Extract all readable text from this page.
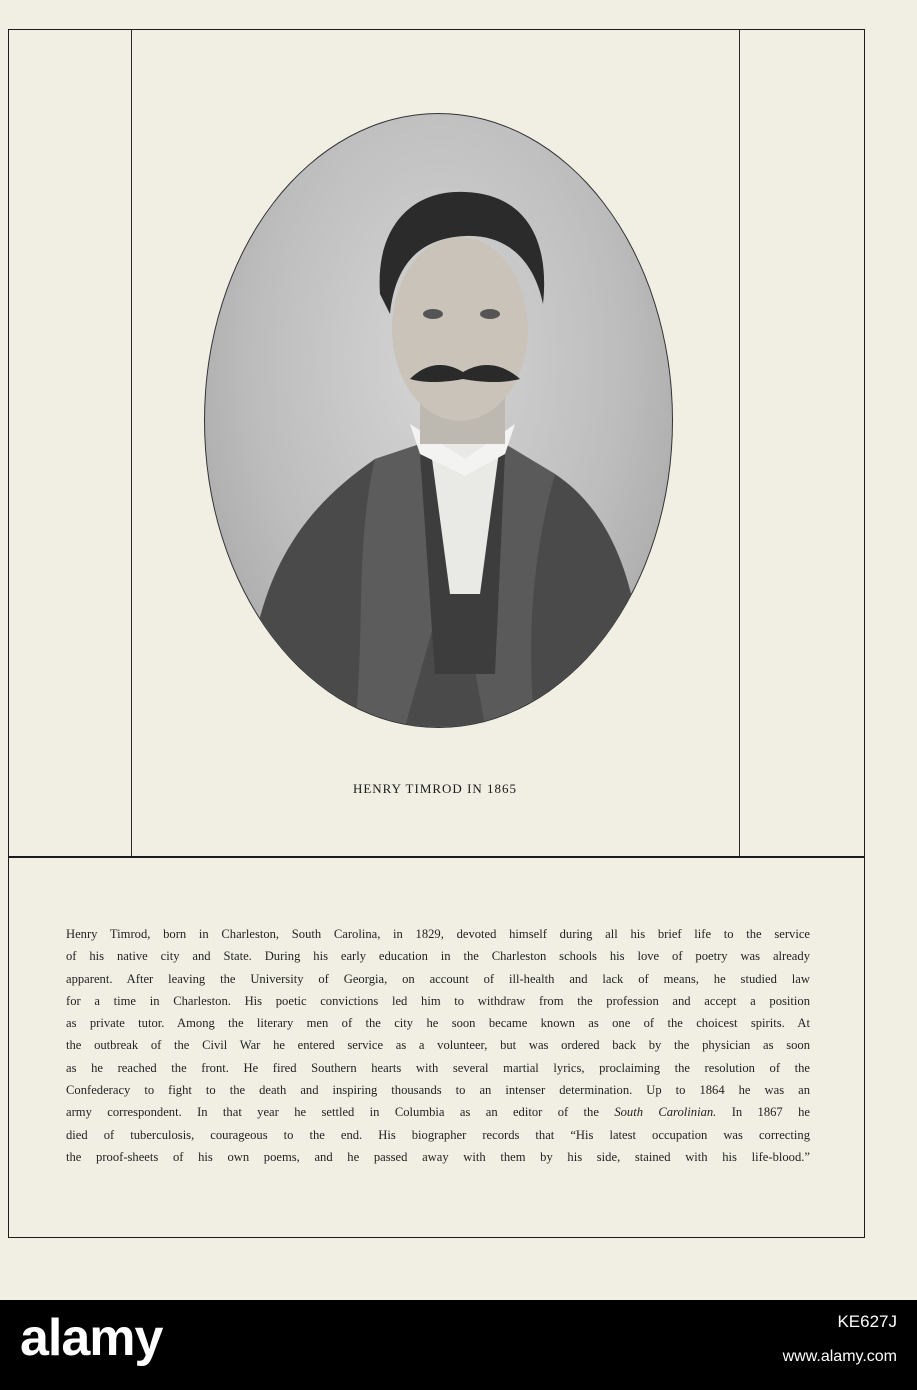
HENRY TIMROD IN 1865
Henry Timrod, born in Charleston, South Carolina, in 1829, devoted himself during all his brief life to the service
of his native city and State. During his early education in the Charleston schools his love of poetry was already
apparent. After leaving the University of Georgia, on account of ill-health and lack of means, he studied law
for a time in Charleston. His poetic convictions led him to withdraw from the profession and accept a position
as private tutor. Among the literary men of the city he soon became known as one of the choicest spirits. At
the outbreak of the Civil War he entered service as a volunteer, but was ordered back by the physician as soon
as he reached the front. He fired Southern hearts with several martial lyrics, proclaiming the resolution of the
Confederacy to fight to the death and inspiring thousands to an intenser determination. Up to 1864 he was an
army correspondent. In that year he settled in Columbia as an editor of the South Carolinian. In 1867 he
died of tuberculosis, courageous to the end. His biographer records that “His latest occupation was correcting
the proof-sheets of his own poems, and he passed away with them by his side, stained with his life-blood.”
alamy	KE627J
www.alamy.com
